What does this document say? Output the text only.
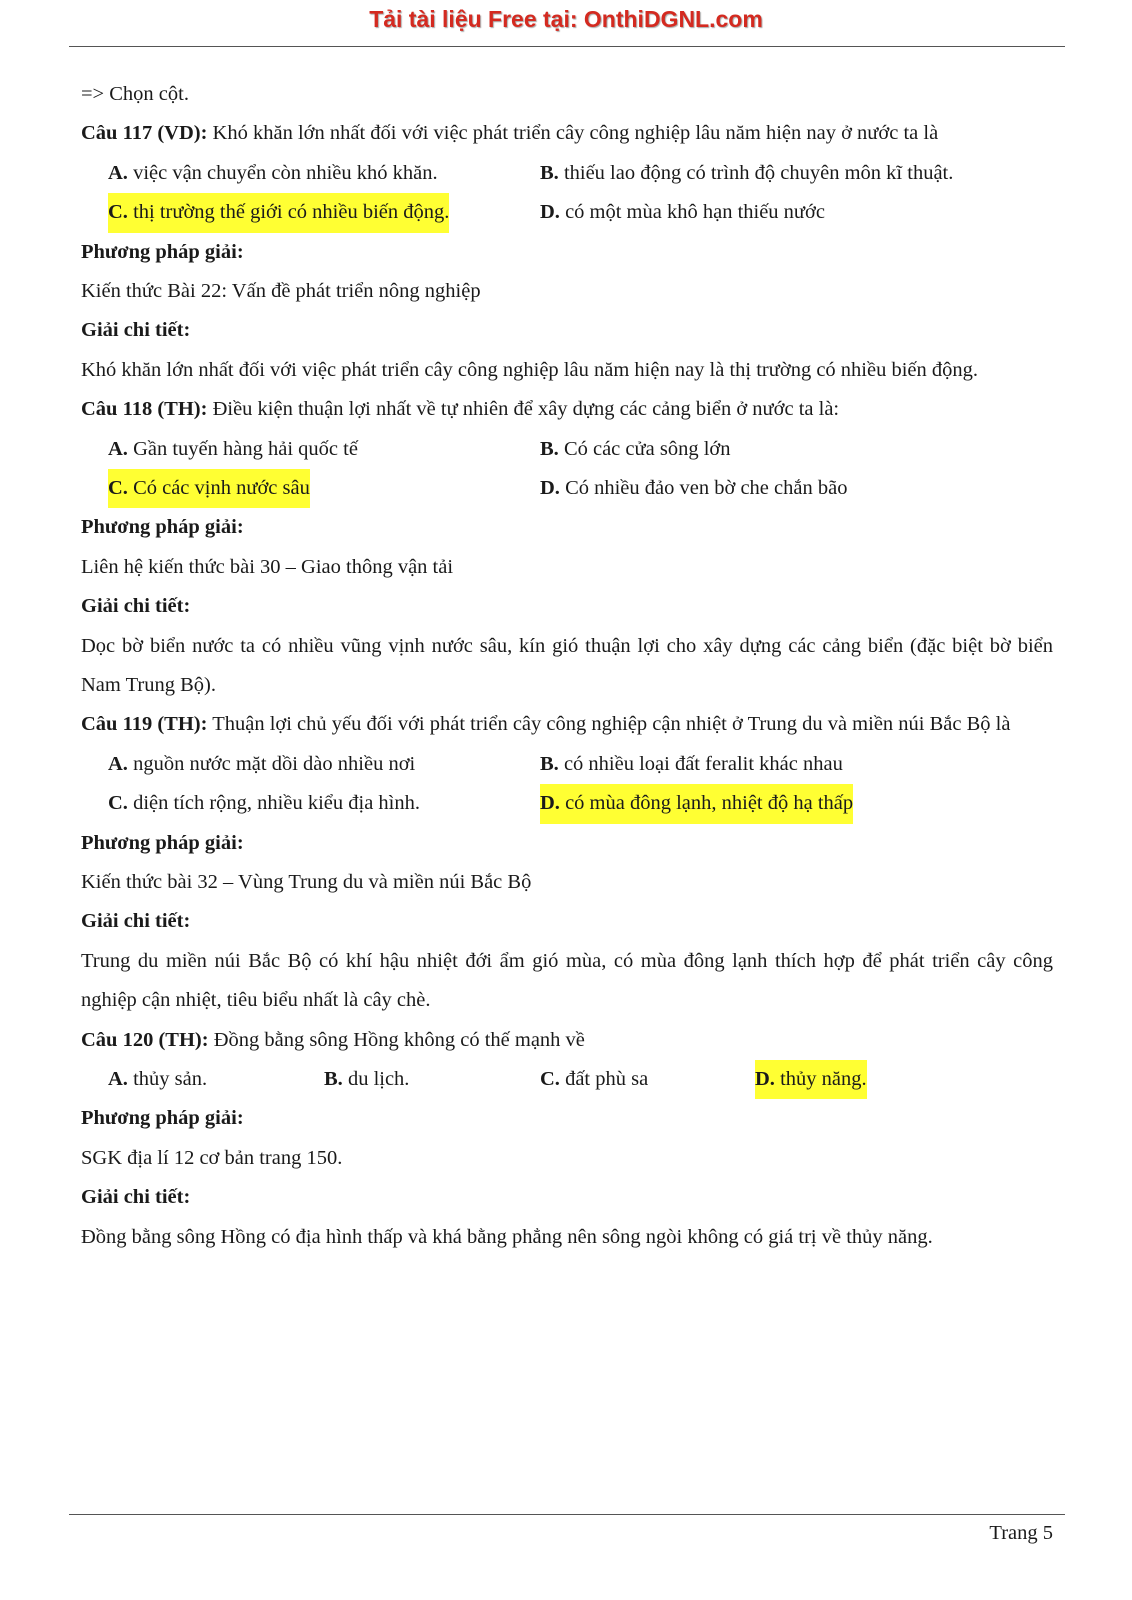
Tải tài liệu Free tại: OnthiDGNL.com
=> Chọn cột.
Câu 117 (VD): Khó khăn lớn nhất đối với việc phát triển cây công nghiệp lâu năm hiện nay ở nước ta là
A. việc vận chuyển còn nhiều khó khăn.	B. thiếu lao động có trình độ chuyên môn kĩ thuật.
C. thị trường thế giới có nhiều biến động.	D. có một mùa khô hạn thiếu nước
Phương pháp giải:
Kiến thức Bài 22: Vấn đề phát triển nông nghiệp
Giải chi tiết:
Khó khăn lớn nhất đối với việc phát triển cây công nghiệp lâu năm hiện nay là thị trường có nhiều biến động.
Câu 118 (TH): Điều kiện thuận lợi nhất về tự nhiên để xây dựng các cảng biển ở nước ta là:
A. Gần tuyến hàng hải quốc tế	B. Có các cửa sông lớn
C. Có các vịnh nước sâu	D. Có nhiều đảo ven bờ che chắn bão
Phương pháp giải:
Liên hệ kiến thức bài 30 – Giao thông vận tải
Giải chi tiết:
Dọc bờ biển nước ta có nhiều vũng vịnh nước sâu, kín gió thuận lợi cho xây dựng các cảng biển (đặc biệt bờ biển Nam Trung Bộ).
Câu 119 (TH): Thuận lợi chủ yếu đối với phát triển cây công nghiệp cận nhiệt ở Trung du và miền núi Bắc Bộ là
A. nguồn nước mặt dồi dào nhiều nơi	B. có nhiều loại đất feralit khác nhau
C. diện tích rộng, nhiều kiểu địa hình.	D. có mùa đông lạnh, nhiệt độ hạ thấp
Phương pháp giải:
Kiến thức bài 32 – Vùng Trung du và miền núi Bắc Bộ
Giải chi tiết:
Trung du miền núi Bắc Bộ có khí hậu nhiệt đới ẩm gió mùa, có mùa đông lạnh thích hợp để phát triển cây công nghiệp cận nhiệt, tiêu biểu nhất là cây chè.
Câu 120 (TH): Đồng bằng sông Hồng không có thế mạnh về
A. thủy sản.	B. du lịch.	C. đất phù sa	D. thủy năng.
Phương pháp giải:
SGK địa lí 12 cơ bản trang 150.
Giải chi tiết:
Đồng bằng sông Hồng có địa hình thấp và khá bằng phẳng nên sông ngòi không có giá trị về thủy năng.
Trang 5
